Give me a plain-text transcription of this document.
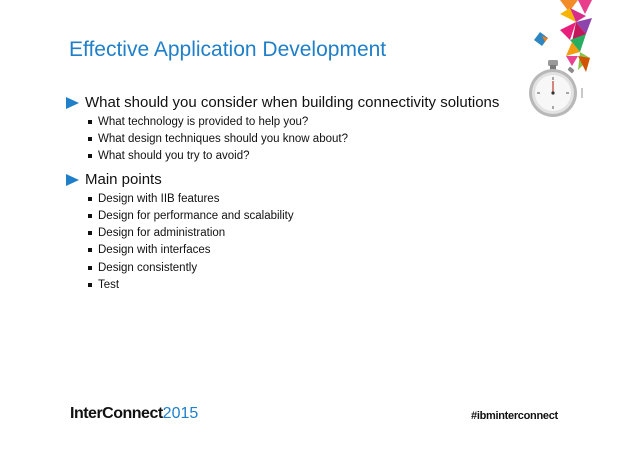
Effective Application Development
What should you consider when building connectivity solutions
What technology is provided to help you?
What design techniques should you know about?
What should you try to avoid?
Main points
Design with IIB features
Design for performance and scalability
Design for administration
Design with interfaces
Design consistently
Test
InterConnect2015	#ibminterconnect
